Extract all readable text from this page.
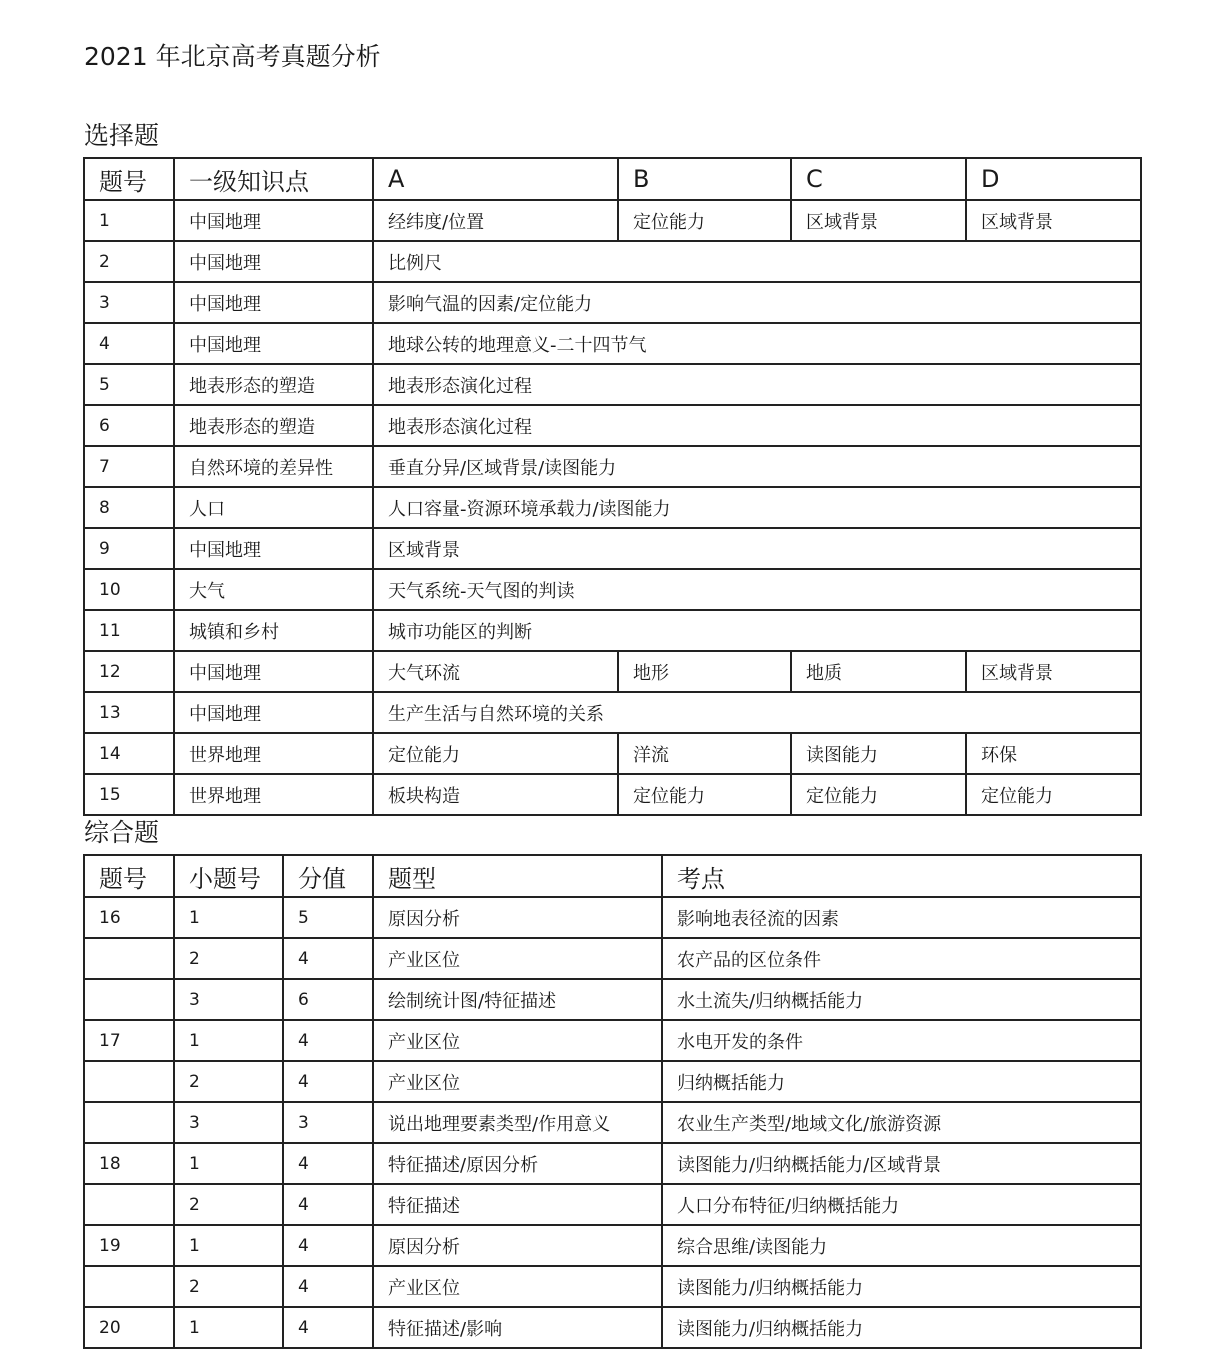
2021 年北京高考真题分析
选择题
题号	一级知识点	A	B	C	D
1	中国地理	经纬度/位置	定位能力	区域背景	区域背景
2	中国地理	比例尺			
3	中国地理	影响气温的因素/定位能力			
4	中国地理	地球公转的地理意义-二十四节气			
5	地表形态的塑造	地表形态演化过程			
6	地表形态的塑造	地表形态演化过程			
7	自然环境的差异性	垂直分异/区域背景/读图能力			
8	人口	人口容量-资源环境承载力/读图能力			
9	中国地理	区域背景			
10	大气	天气系统-天气图的判读			
11	城镇和乡村	城市功能区的判断			
12	中国地理	大气环流	地形	地质	区域背景
13	中国地理	生产生活与自然环境的关系			
14	世界地理	定位能力	洋流	读图能力	环保
15	世界地理	板块构造	定位能力	定位能力	定位能力
综合题
题号	小题号	分值	题型	考点
16	1	5	原因分析	影响地表径流的因素
	2	4	产业区位	农产品的区位条件
	3	6	绘制统计图/特征描述	水土流失/归纳概括能力
17	1	4	产业区位	水电开发的条件
	2	4	产业区位	归纳概括能力
	3	3	说出地理要素类型/作用意义	农业生产类型/地域文化/旅游资源
18	1	4	特征描述/原因分析	读图能力/归纳概括能力/区域背景
	2	4	特征描述	人口分布特征/归纳概括能力
19	1	4	原因分析	综合思维/读图能力
	2	4	产业区位	读图能力/归纳概括能力
20	1	4	特征描述/影响	读图能力/归纳概括能力
